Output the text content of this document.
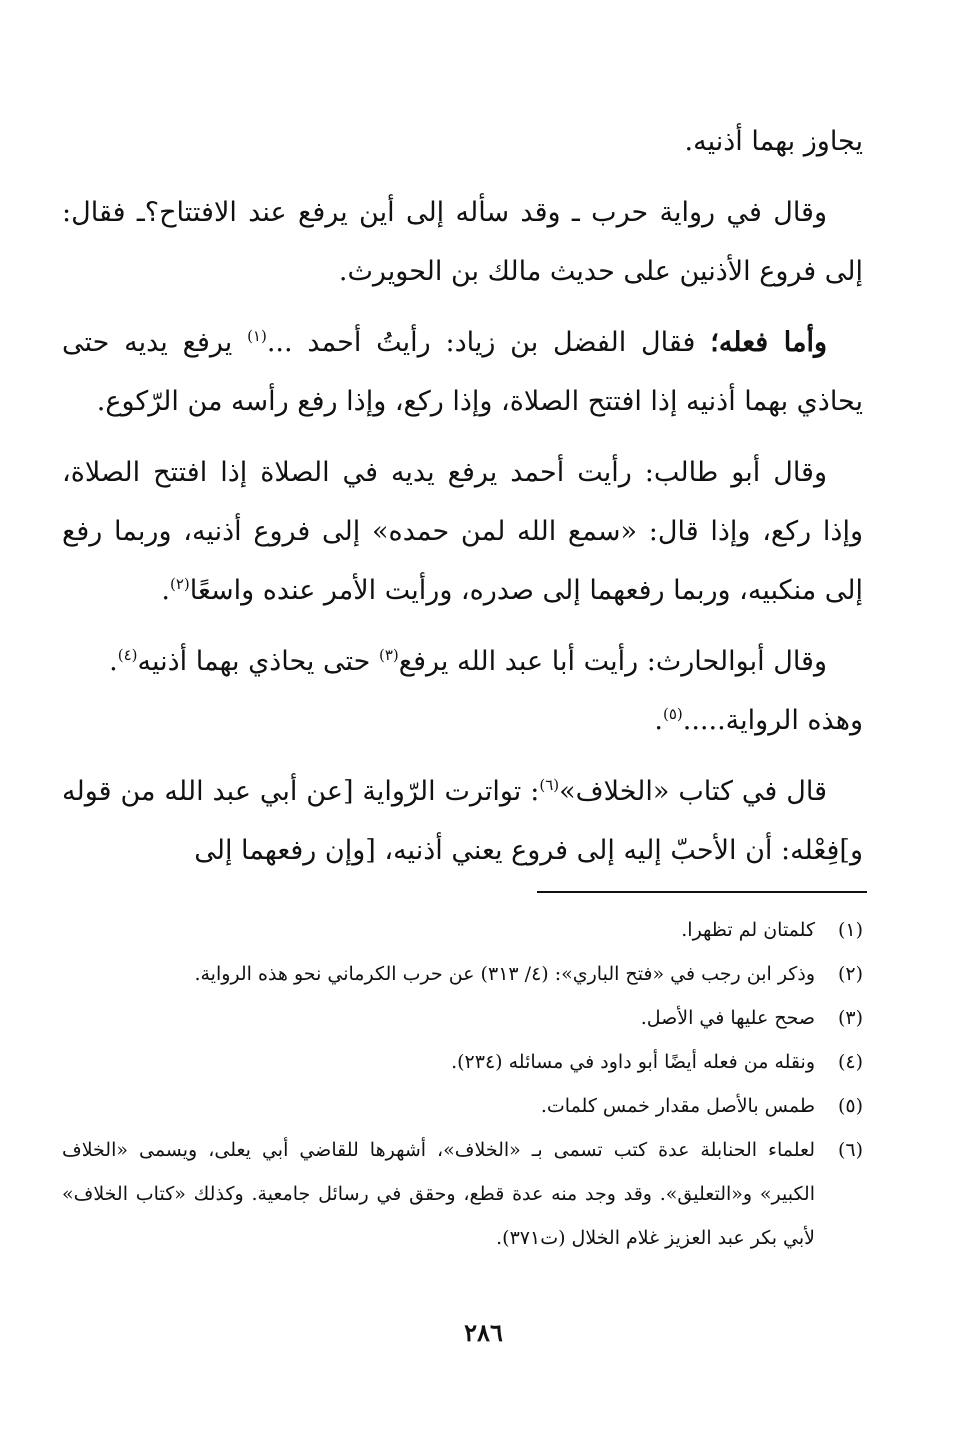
يجاوز بهما أذنيه.

وقال في رواية حرب ـ وقد سأله إلى أين يرفع عند الافتتاح؟ـ فقال: إلى فروع الأذنين على حديث مالك بن الحويرث.

وأما فعله؛ فقال الفضل بن زياد: رأيتُ أحمد ...$^{(١)}$ يرفع يديه حتى يحاذي بهما أذنيه إذا افتتح الصلاة، وإذا ركع، وإذا رفع رأسه من الرّكوع.

وقال أبو طالب: رأيت أحمد يرفع يديه في الصلاة إذا افتتح الصلاة، وإذا ركع، وإذا قال: «سمع الله لمن حمده» إلى فروع أذنيه، وربما رفع إلى منكبيه، وربما رفعهما إلى صدره، ورأيت الأمر عنده واسعًا$^{(٢)}$.

وقال أبوالحارث: رأيت أبا عبد الله يرفع$^{(٣)}$ حتى يحاذي بهما أذنيه$^{(٤)}$.

وهذه الرواية.....$^{(٥)}$.

قال في كتاب «الخلاف»$^{(٦)}$: تواترت الرّواية [عن أبي عبد الله من قوله و]فِعْله: أن الأحبّ إليه إلى فروع يعني أذنيه، [وإن رفعهما إلى

(١)
كلمتان لم تظهرا.
(٢)
وذكر ابن رجب في «فتح الباري»: (٤/ ٣١٣) عن حرب الكرماني نحو هذه الرواية.
(٣)
صحح عليها في الأصل.
(٤)
ونقله من فعله أيضًا أبو داود في مسائله (٢٣٤).
(٥)
طمس بالأصل مقدار خمس كلمات.
(٦)
لعلماء الحنابلة عدة كتب تسمى بـ «الخلاف»، أشهرها للقاضي أبي يعلى، ويسمى «الخلاف الكبير» و«التعليق». وقد وجد منه عدة قطع، وحقق في رسائل جامعية. وكذلك «كتاب الخلاف» لأبي بكر عبد العزيز غلام الخلال (ت٣٧١).
٢٨٦
